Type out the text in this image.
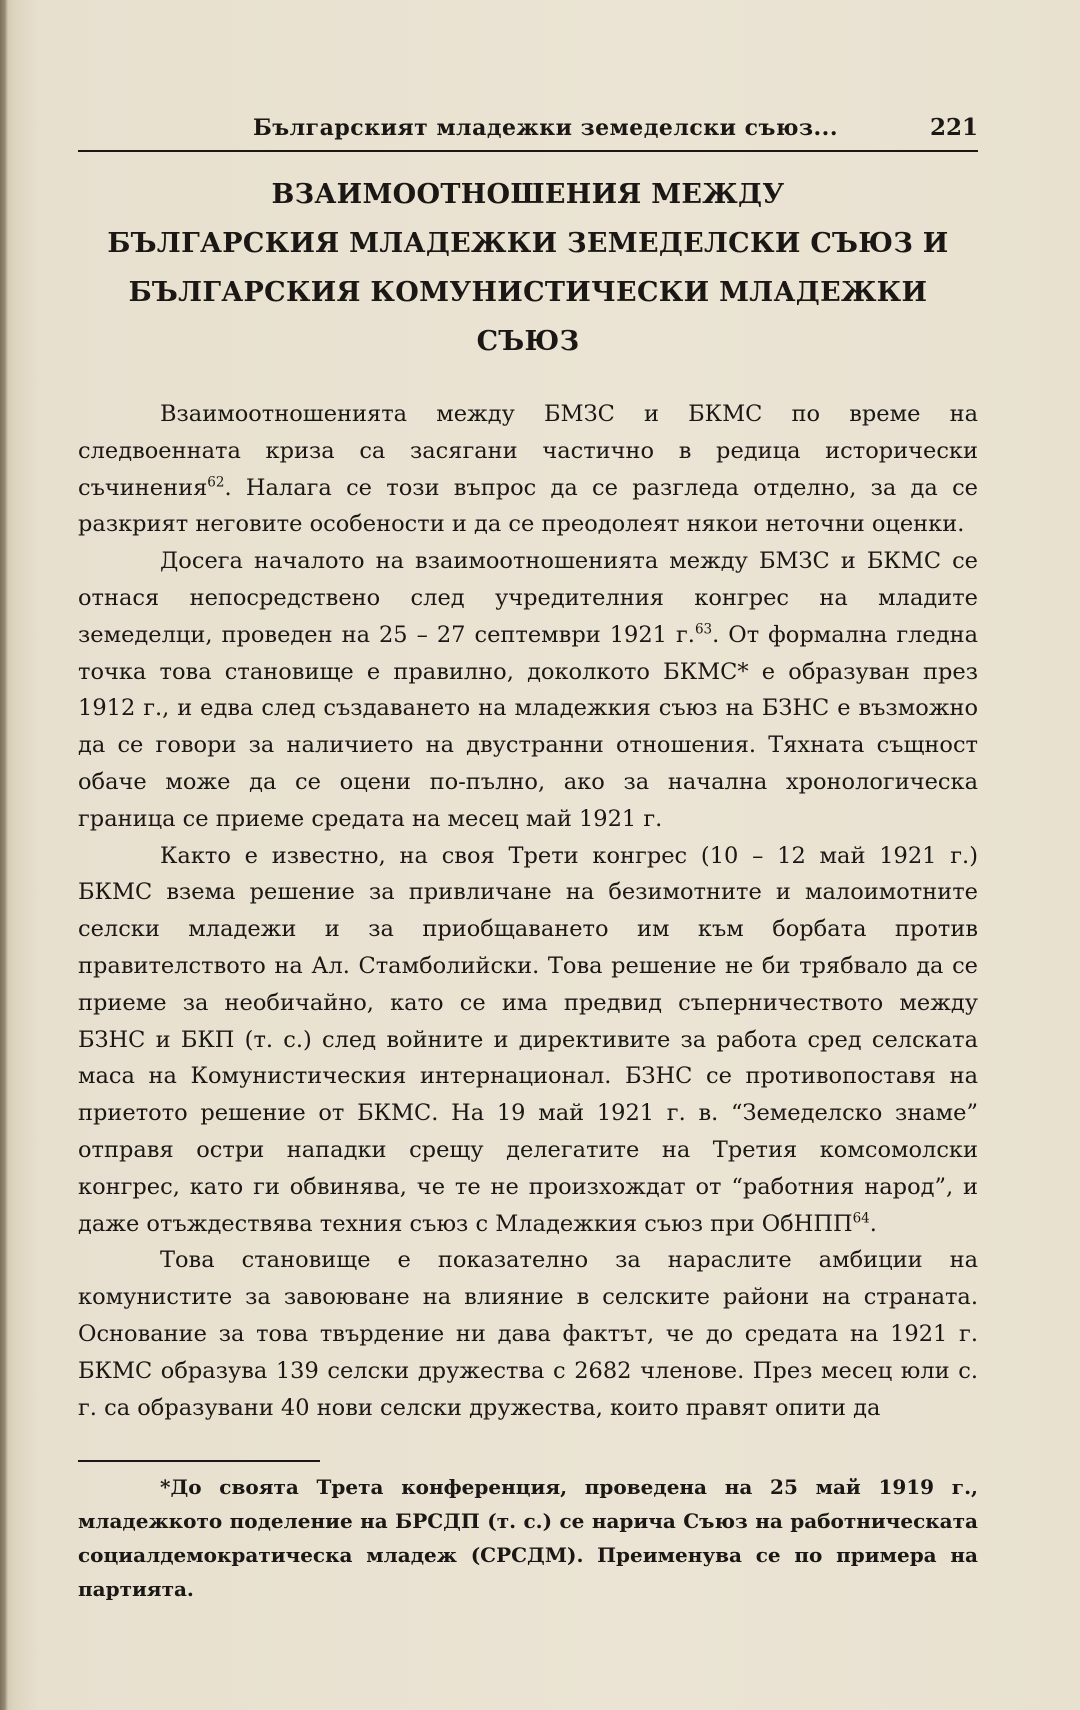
Българският младежки земеделски съюз...	221
ВЗАИМООТНОШЕНИЯ МЕЖДУ
БЪЛГАРСКИЯ МЛАДЕЖКИ ЗЕМЕДЕЛСКИ СЪЮЗ И
БЪЛГАРСКИЯ КОМУНИСТИЧЕСКИ МЛАДЕЖКИ СЪЮЗ

Взаимоотношенията между БМЗС и БКМС по време на следвоенната криза са засягани частично в редица исторически съчинения$^{62}$. Налага се този въпрос да се разгледа отделно, за да се разкрият неговите особености и да се преодолеят някои неточни оценки.

Досега началото на взаимоотношенията между БМЗС и БКМС се отнася непосредствено след учредителния конгрес на младите земеделци, проведен на 25 – 27 септември 1921 г.$^{63}$. От формална гледна точка това становище е правилно, доколкото БКМС* е образуван през 1912 г., и едва след създаването на младежкия съюз на БЗНС е възможно да се говори за наличието на двустранни отношения. Тяхната същност обаче може да се оцени по-пълно, ако за начална хронологическа граница се приеме средата на месец май 1921 г.

Както е известно, на своя Трети конгрес (10 – 12 май 1921 г.) БКМС взема решение за привличане на безимотните и малоимотните селски младежи и за приобщаването им към борбата против правителството на Ал. Стамболийски. Това решение не би трябвало да се приеме за необичайно, като се има предвид съперничеството между БЗНС и БКП (т. с.) след войните и директивите за работа сред селската маса на Комунистическия интернационал. БЗНС се противопоставя на приетото решение от БКМС. На 19 май 1921 г. в. “Земеделско знаме” отправя остри нападки срещу делегатите на Третия комсомолски конгрес, като ги обвинява, че те не произхождат от “работния народ”, и даже отъждествява техния съюз с Младежкия съюз при ОбНПП$^{64}$.

Това становище е показателно за нараслите амбиции на комунистите за завоюване на влияние в селските райони на страната. Основание за това твърдение ни дава фактът, че до средата на 1921 г. БКМС образува 139 селски дружества с 2682 членове. През месец юли с. г. са образувани 40 нови селски дружества, които правят опити да

*До своята Трета конференция, проведена на 25 май 1919 г., младежкото поделение на БРСДП (т. с.) се нарича Съюз на работническата социалдемократическа младеж (СРСДМ). Преименува се по примера на партията.
